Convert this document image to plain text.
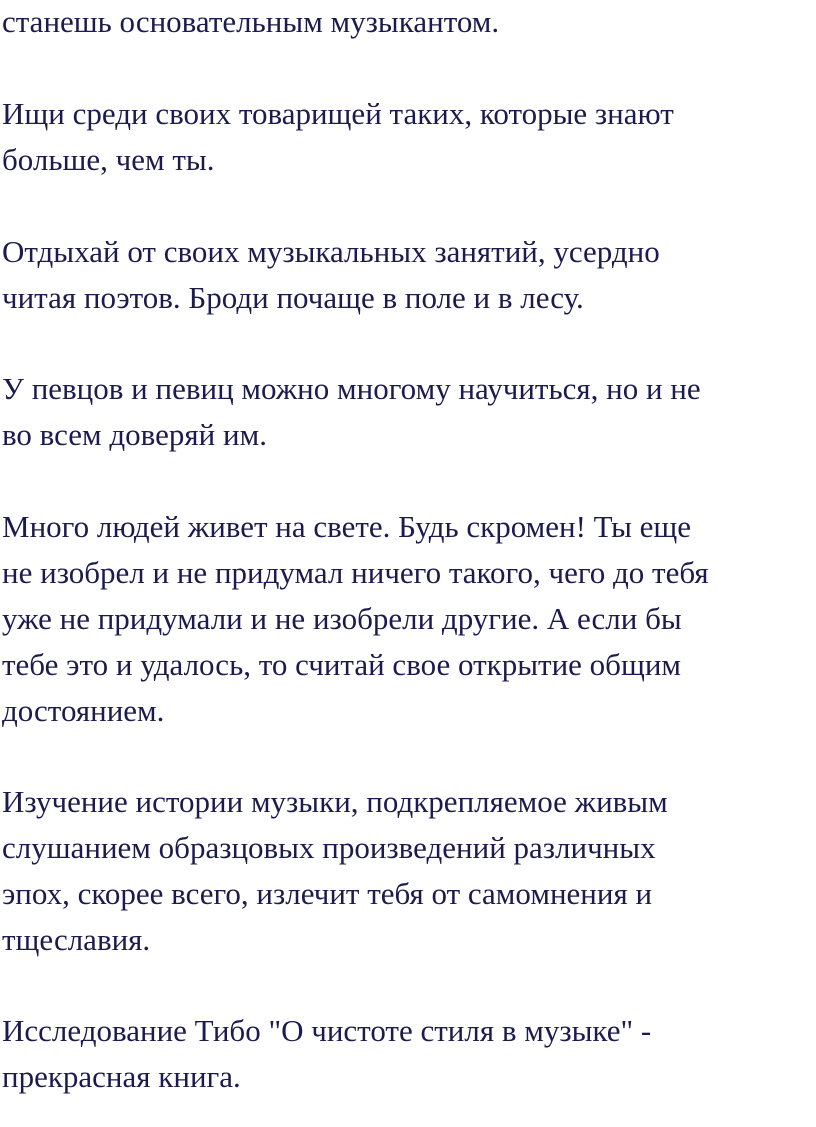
станешь основательным музыкантом.

Ищи среди своих товарищей таких, которые знают
больше, чем ты.

Отдыхай от своих музыкальных занятий, усердно
читая поэтов. Броди почаще в поле и в лесу.

У певцов и певиц можно многому научиться, но и не
во всем доверяй им.

Много людей живет на свете. Будь скромен! Ты еще
не изобрел и не придумал ничего такого, чего до тебя
уже не придумали и не изобрели другие. А если бы
тебе это и удалось, то считай свое открытие общим
достоянием.

Изучение истории музыки, подкрепляемое живым
слушанием образцовых произведений различных
эпох, скорее всего, излечит тебя от самомнения и
тщеславия.

Исследование Тибо "О чистоте стиля в музыке" -
прекрасная книга.
